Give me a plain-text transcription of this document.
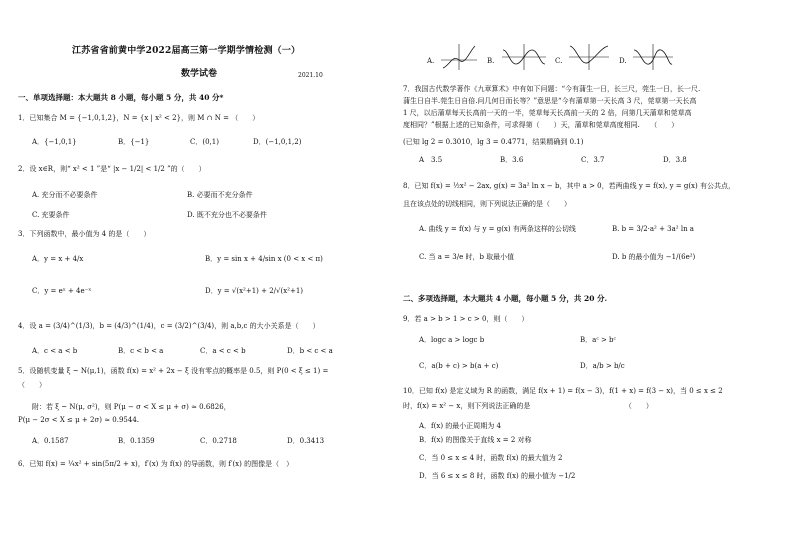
江苏省省前黄中学2022届高三第一学期学情检测（一）
数学试卷	2021.10
一、单项选择题：本大题共 8 小题，每小题 5 分，共 40 分*
1．已知集合 M = {−1,0,1,2}，N = {x | x² < 2}，则 M ∩ N = （　　）
A．{−1,0,1}	B．{−1}	C．(0,1)	D．(−1,0,1,2)
2．设 x∈R，则“ x² < 1 ”是“ |x − 1/2| < 1/2 ”的（　　）
A. 充分而不必要条件	B. 必要而不充分条件
C. 充要条件	D. 既不充分也不必要条件
3．下列函数中，最小值为 4 的是（　　）
A．y = x + 4/x	B．y = sin x + 4/sin x (0 < x < π)
C．y = eˣ + 4e⁻ˣ	D．y = √(x²+1) + 2/√(x²+1)
4．设 a = (3/4)^(1/3)，b = (4/3)^(1/4)，c = (3/2)^(3/4)，则 a,b,c 的大小关系是（　　）
A．c < a < b	B．c < b < a	C．a < c < b	D．b < c < a
5．设随机变量 ξ ~ N(μ,1)，函数 f(x) = x² + 2x − ξ 没有零点的概率是 0.5，则 P(0 < ξ ≤ 1) =
（　　）
附：若 ξ ~ N(μ, σ²)，则 P(μ − σ < X ≤ μ + σ) ≈ 0.6826，
P(μ − 2σ < X ≤ μ + 2σ) ≈ 0.9544.
A．0.1587	B．0.1359	C．0.2718	D．0.3413
6．已知 f(x) = ¼x² + sin(5π/2 + x)，f′(x) 为 f(x) 的导函数，则 f′(x) 的图像是（　）
A.	B.	C.	D.
7．我国古代数学著作《九章算术》中有如下问题：“今有蒲生一日，长三尺，莞生一日，长一尺.
蒲生日自半.莞生日自倍.问几何日而长等？”意思是“今有蒲草第一天长高 3 尺，莞草第一天长高
1 尺，以后蒲草每天长高前一天的一半，莞草每天长高前一天的 2 倍，问第几天蒲草和莞草高
度相同？”根据上述的已知条件，可求得第（　　）天，蒲草和莞草高度相同.　　（　　）
(已知 lg 2 = 0.3010，lg 3 = 0.4771，结果精确到 0.1)
A　3.5	B．3.6	C．3.7	D．3.8
8．已知 f(x) = ½x² − 2ax, g(x) = 3a² ln x − b，其中 a > 0，若两曲线 y = f(x), y = g(x) 有公共点，
且在该点处的切线相同，则下列说法正确的是（　　）
A. 曲线 y = f(x) 与 y = g(x) 有两条这样的公切线	B. b = 3/2·a² + 3a² ln a
C. 当 a = 3/e 时，b 取最小值	D. b 的最小值为 −1/(6e²)
二、多项选择题，本大题共 4 小题，每小题 5 分，共 20 分.
9．若 a > b > 1 > c > 0，则（　　）
A．logc a > logc b	B．aᶜ > bᶜ
C．a(b + c) > b(a + c)	D．a/b > b/c
10．已知 f(x) 是定义域为 R 的函数，满足 f(x + 1) = f(x − 3)，f(1 + x) = f(3 − x)，当 0 ≤ x ≤ 2
时，f(x) = x² − x，则下列说法正确的是　　　　　　　　　　　　　　（　　）
A．f(x) 的最小正周期为 4
B．f(x) 的图像关于直线 x = 2 对称
C．当 0 ≤ x ≤ 4 时，函数 f(x) 的最大值为 2
D．当 6 ≤ x ≤ 8 时，函数 f(x) 的最小值为 −1/2
